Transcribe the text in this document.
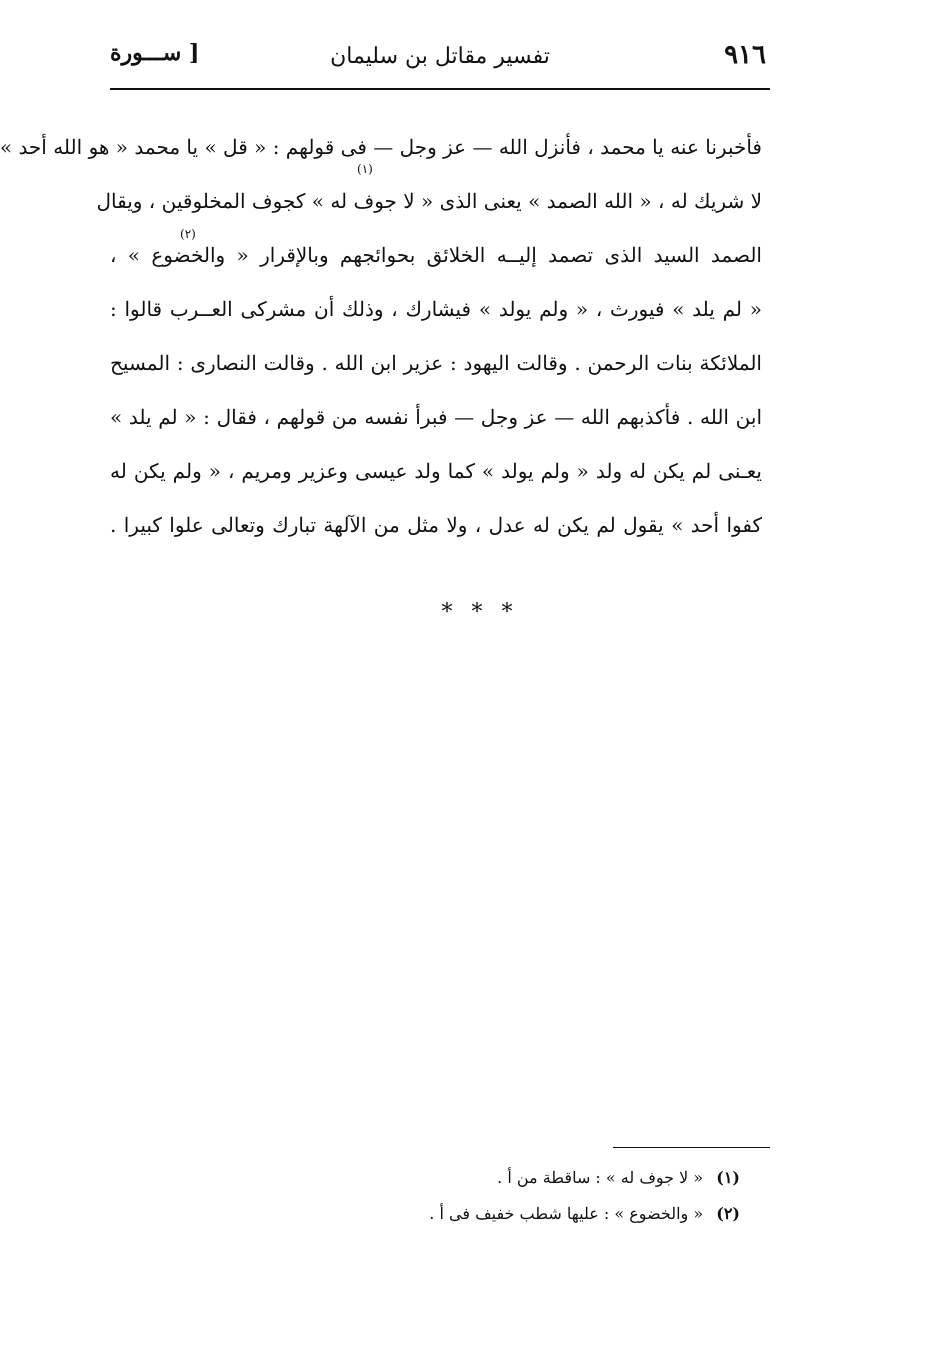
٩١٦
تفسير مقاتل بن سليمان
[ ســـورة
فأخبرنا عنه يا محمد ، فأنزل الله — عز وجل — فى قولهم : « قل » يا محمد « هو الله أحد »
لا شريك له ، « الله الصمد » يعنى الذى « لا جوف له » كجوف المخلوقين ، ويقال
الصمد السيد الذى تصمد إليــه الخلائق بحوائجهم وبالإقرار « والخضوع » ،
« لم يلد » فيورث ، « ولم يولد » فيشارك ، وذلك أن مشركى العــرب قالوا :
الملائكة بنات الرحمن . وقالت اليهود : عزير ابن الله . وقالت النصارى : المسيح
ابن الله . فأكذبهم الله — عز وجل — فبرأ نفسه من قولهم ، فقال : « لم يلد »
يعـنى لم يكن له ولد « ولم يولد » كما ولد عيسى وعزير ومريم ، « ولم يكن له
كفوا أحد » يقول لم يكن له عدل ، ولا مثل من الآلهة تبارك وتعالى علوا كبيرا .
(١)
(٢)
* * *
(١) « لا جوف له » : ساقطة من أ .
(٢) « والخضوع » : عليها شطب خفيف فى أ .
